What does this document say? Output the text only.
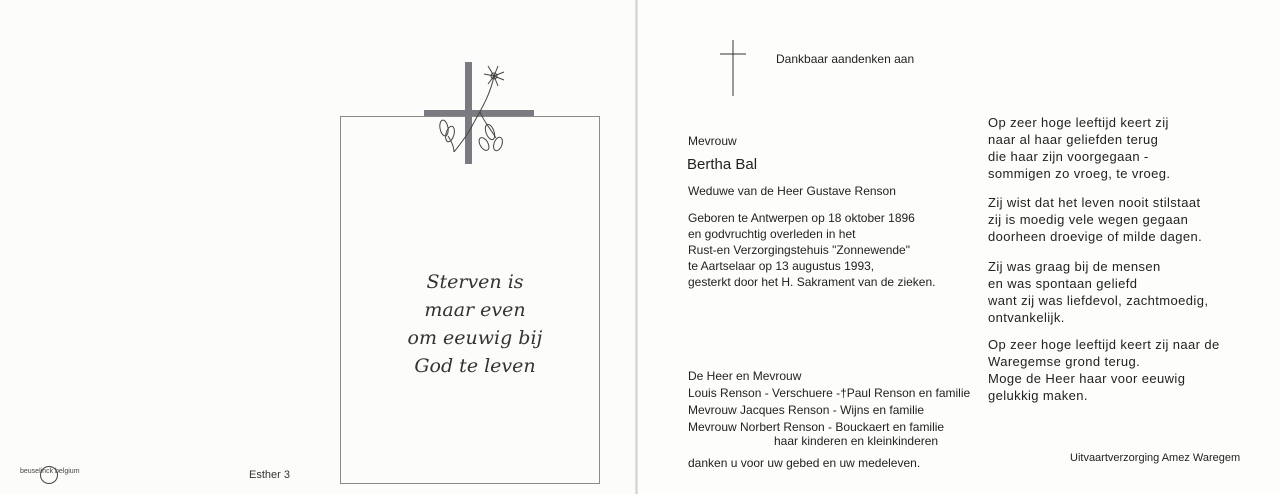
Sterven is
maar even
om eeuwig bij
God te leven
beuselinck belgium	Esther 3
Dankbaar aandenken aan
Mevrouw
Bertha Bal
Weduwe van de Heer Gustave Renson
Geboren te Antwerpen op 18 oktober 1896
en godvruchtig overleden in het
Rust-en Verzorgingstehuis "Zonnewende"
te Aartselaar op 13 augustus 1993,
gesterkt door het H. Sakrament van de zieken.
De Heer en Mevrouw
Louis Renson - Verschuere -†Paul Renson en familie
Mevrouw Jacques Renson - Wijns en familie
Mevrouw Norbert Renson - Bouckaert en familie
haar kinderen en kleinkinderen
danken u voor uw gebed en uw medeleven.	Uitvaartverzorging Amez Waregem
Op zeer hoge leeftijd keert zij
naar al haar geliefden terug
die haar zijn voorgegaan -
sommigen zo vroeg, te vroeg.
Zij wist dat het leven nooit stilstaat
zij is moedig vele wegen gegaan
doorheen droevige of milde dagen.
Zij was graag bij de mensen
en was spontaan geliefd
want zij was liefdevol, zachtmoedig,
ontvankelijk.
Op zeer hoge leeftijd keert zij naar de
Waregemse grond terug.
Moge de Heer haar voor eeuwig
gelukkig maken.
